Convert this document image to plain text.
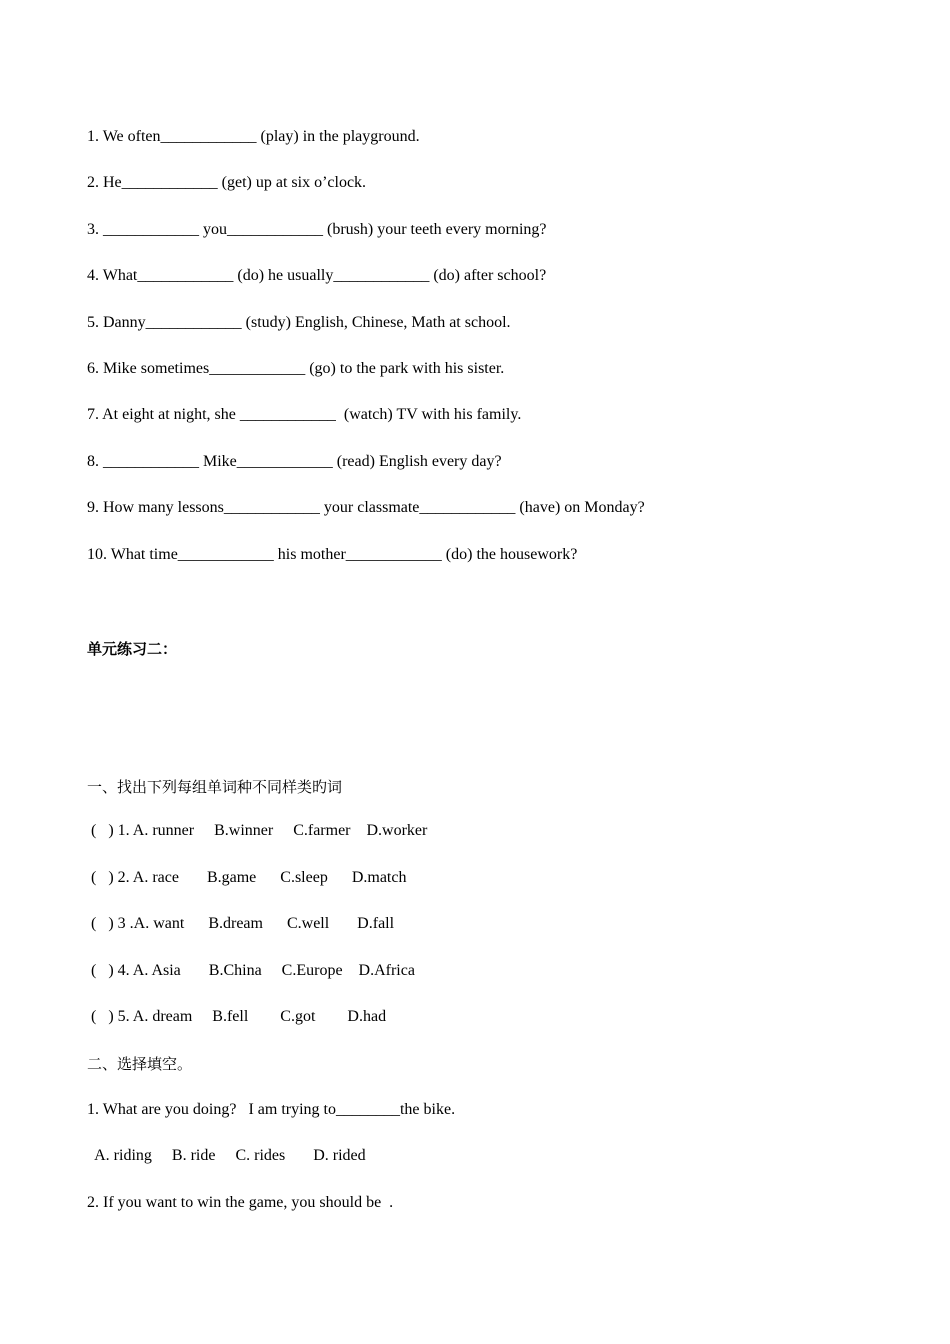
1. We often____________ (play) in the playground.
2. He____________ (get) up at six o’clock.
3. ____________ you____________ (brush) your teeth every morning?
4. What____________ (do) he usually____________ (do) after school?
5. Danny____________ (study) English, Chinese, Math at school.
6. Mike sometimes____________ (go) to the park with his sister.
7. At eight at night, she ____________  (watch) TV with his family.
8. ____________ Mike____________ (read) English every day?
9. How many lessons____________ your classmate____________ (have) on Monday?
10. What time____________ his mother____________ (do) the housework?
单元练习二：
一、找出下列每组单词种不同样类旳词
(   ) 1. A. runner     B.winner     C.farmer    D.worker
(   ) 2. A. race       B.game      C.sleep      D.match
(   ) 3 .A. want      B.dream      C.well       D.fall
(   ) 4. A. Asia       B.China     C.Europe    D.Africa
(   ) 5. A. dream     B.fell        C.got        D.had
二、选择填空。
1. What are you doing?   I am trying to________the bike.
A. riding     B. ride     C. rides       D. rided
2. If you want to win the game, you should be  .
